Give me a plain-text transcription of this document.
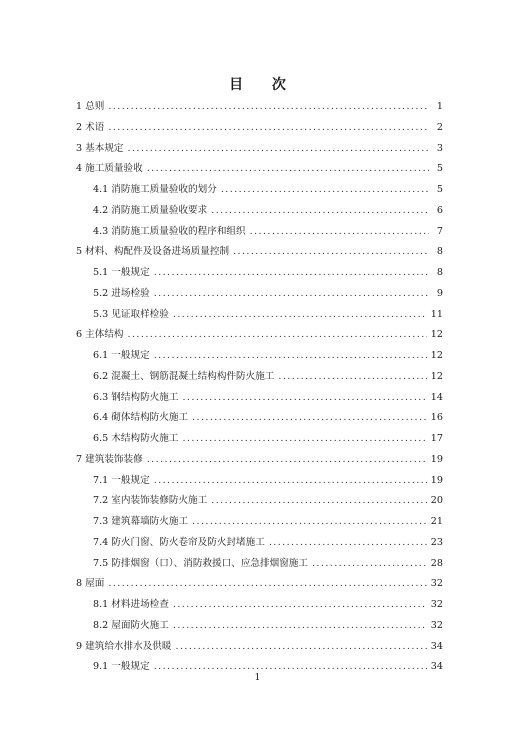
目 次
1 总则 .....	1
2 术语 .....	2
3 基本规定 .....	3
4 施工质量验收 .....	5
4.1 消防施工质量验收的划分 .....	5
4.2 消防施工质量验收要求 .....	6
4.3 消防施工质量验收的程序和组织 .....	7
5 材料、构配件及设备进场质量控制 .....	8
5.1 一般规定 .....	8
5.2 进场检验 .....	9
5.3 见证取样检验 .....	11
6 主体结构 .....	12
6.1 一般规定 .....	12
6.2 混凝土、钢筋混凝土结构构件防火施工 .....	12
6.3 钢结构防火施工 .....	14
6.4 砌体结构防火施工 .....	16
6.5 木结构防火施工 .....	17
7 建筑装饰装修 .....	19
7.1 一般规定 .....	19
7.2 室内装饰装修防火施工 .....	20
7.3 建筑幕墙防火施工 .....	21
7.4 防火门窗、防火卷帘及防火封堵施工 .....	23
7.5 防排烟窗（口）、消防救援口、应急排烟窗施工 .....	28
8 屋面 .....	32
8.1 材料进场检查 .....	32
8.2 屋面防火施工 .....	32
9 建筑给水排水及供暖 .....	34
9.1 一般规定 .....	34
1
